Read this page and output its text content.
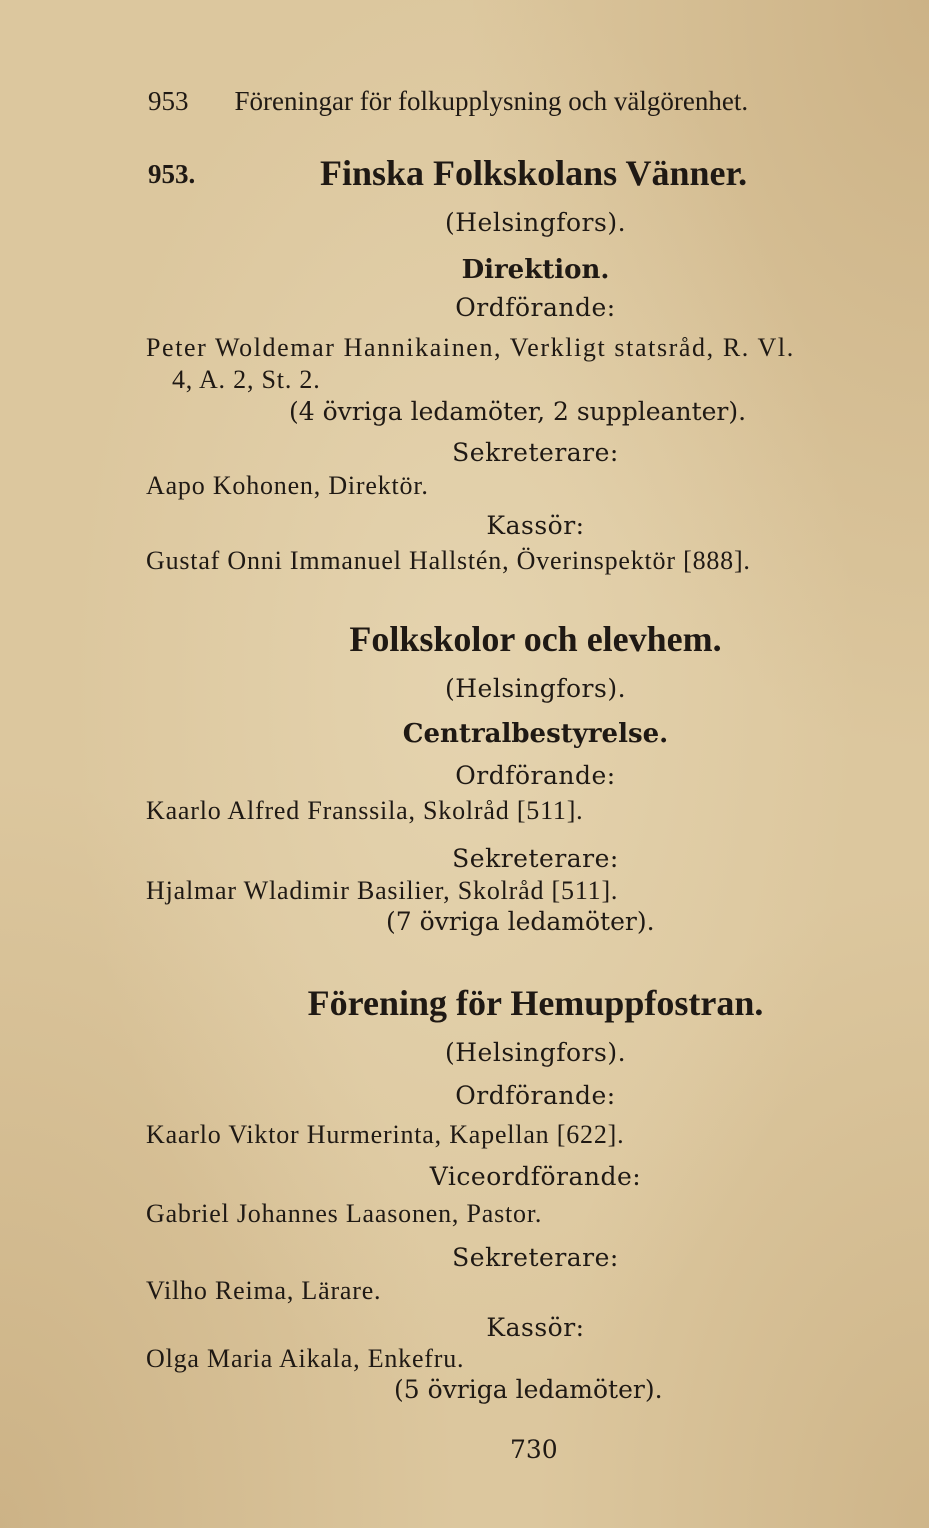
953 Föreningar för folkupplysning och välgörenhet.
953.	Finska Folkskolans Vänner.
(Helsingfors).
Direktion.
Ordförande:
Peter Woldemar Hannikainen, Verkligt statsråd, R. Vl.
4, A. 2, St. 2.
(4 övriga ledamöter, 2 suppleanter).
Sekreterare:
Aapo Kohonen, Direktör.
Kassör:
Gustaf Onni Immanuel Hallstén, Överinspektör [888].
Folkskolor och elevhem.
(Helsingfors).
Centralbestyrelse.
Ordförande:
Kaarlo Alfred Franssila, Skolråd [511].
Sekreterare:
Hjalmar Wladimir Basilier, Skolråd [511].
(7 övriga ledamöter).
Förening för Hemuppfostran.
(Helsingfors).
Ordförande:
Kaarlo Viktor Hurmerinta, Kapellan [622].
Viceordförande:
Gabriel Johannes Laasonen, Pastor.
Sekreterare:
Vilho Reima, Lärare.
Kassör:
Olga Maria Aikala, Enkefru.
(5 övriga ledamöter).
730
